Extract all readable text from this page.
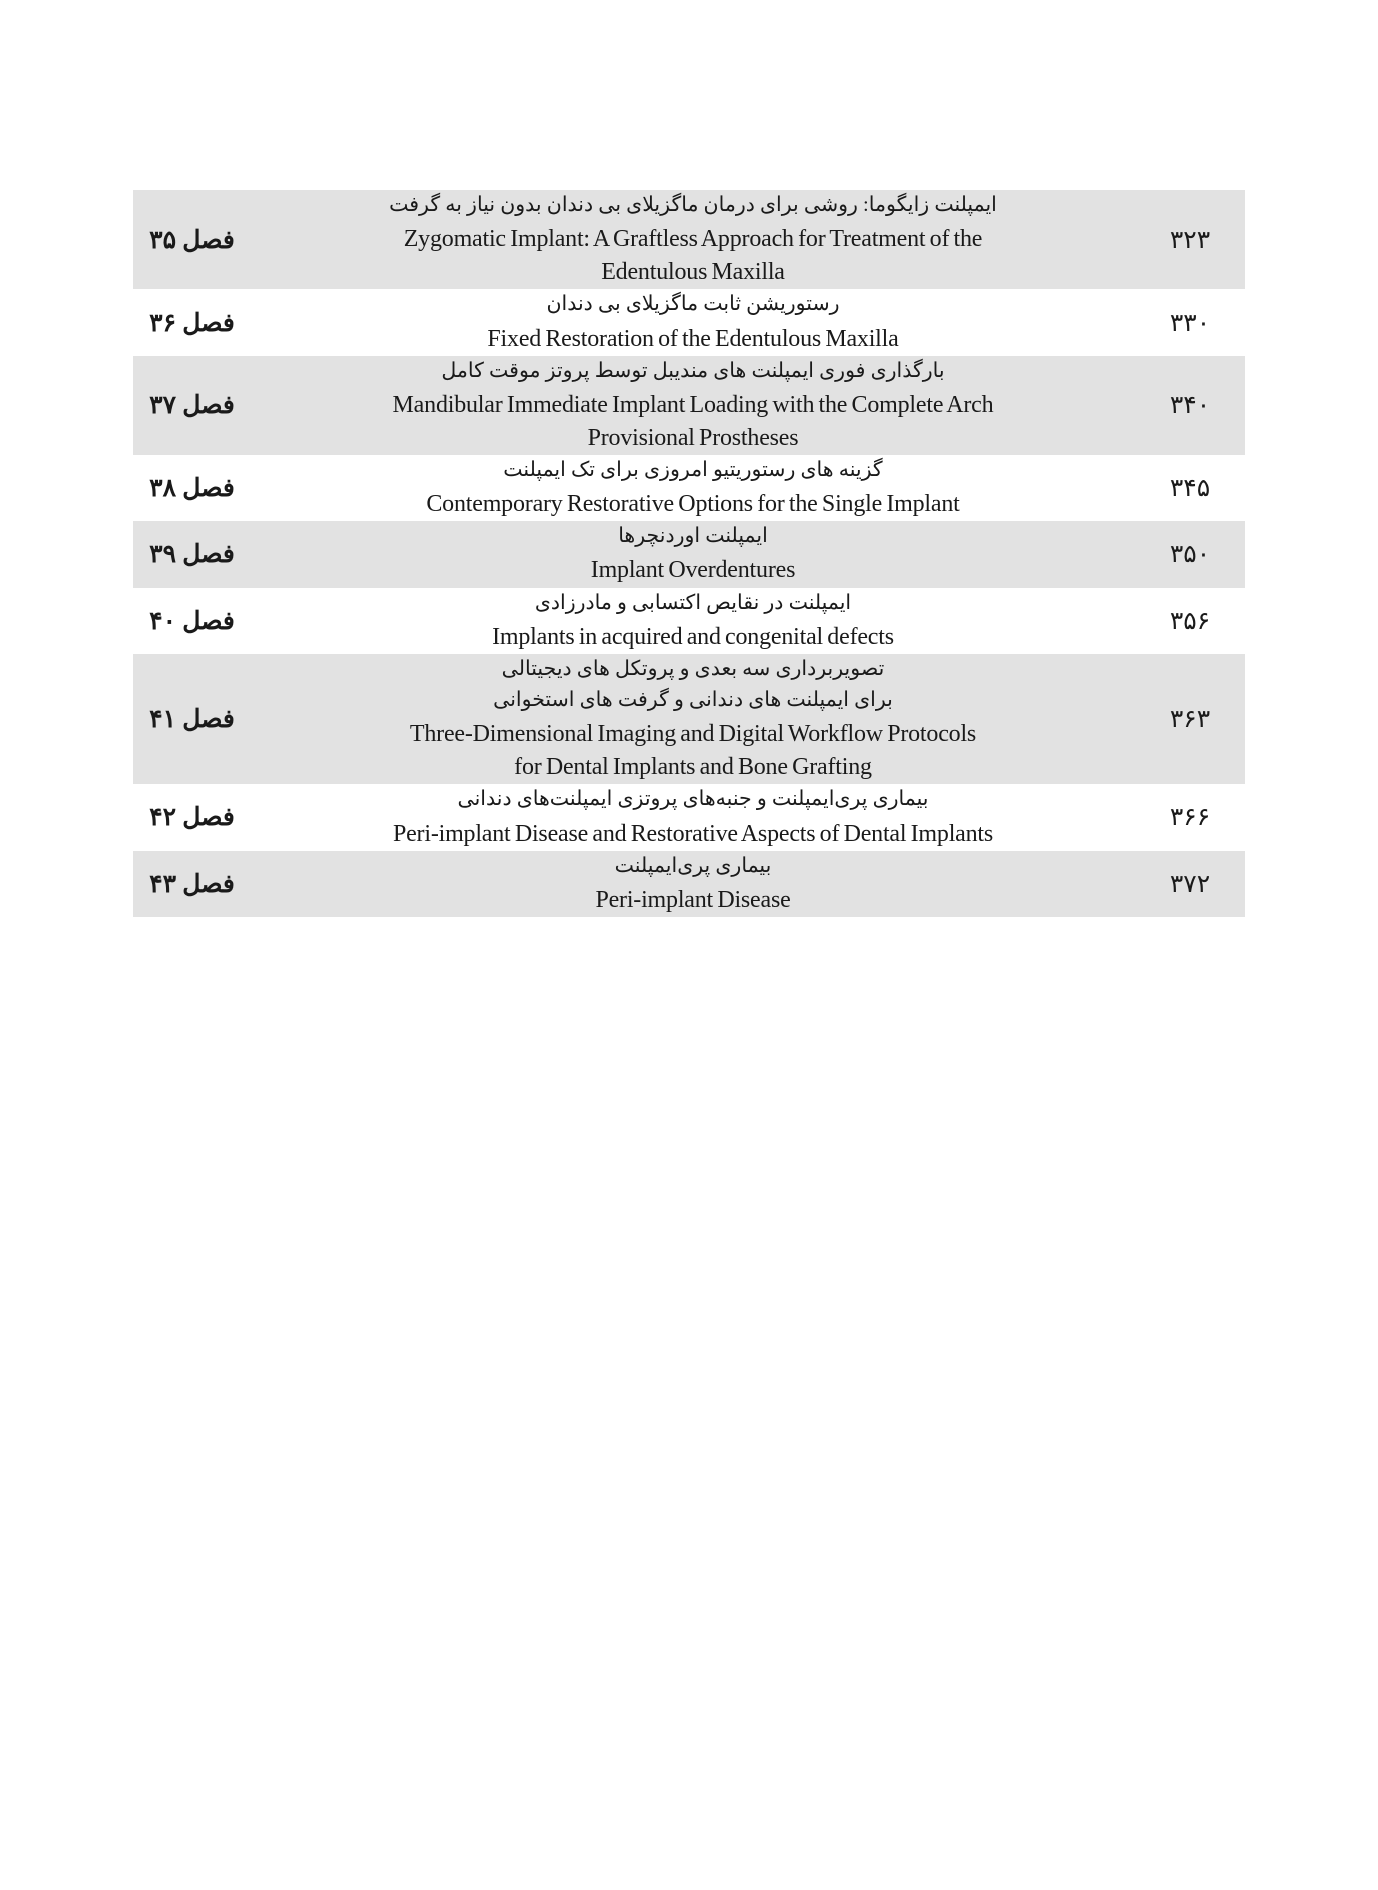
۳۲۳	ایمپلنت زایگوما: روشی برای درمان ماگزیلای بی دندان بدون نیاز به گرفت
Zygomatic Implant: A Graftless Approach for Treatment of the
Edentulous Maxilla	فصل ۳۵
۳۳۰	رستوریشن ثابت ماگزیلای بی دندان
Fixed Restoration of the Edentulous Maxilla	فصل ۳۶
۳۴۰	بارگذاری فوری ایمپلنت های مندیبل توسط پروتز موقت کامل
Mandibular Immediate Implant Loading with the Complete Arch
Provisional Prostheses	فصل ۳۷
۳۴۵	گزینه های رستوریتیو امروزی برای تک ایمپلنت
Contemporary Restorative Options for the Single Implant	فصل ۳۸
۳۵۰	ایمپلنت اوردنچرها
Implant Overdentures	فصل ۳۹
۳۵۶	ایمپلنت در نقایص اکتسابی و مادرزادی
Implants in acquired and congenital defects	فصل ۴۰
۳۶۳	تصویربرداری سه بعدی و پروتکل های دیجیتالی
برای ایمپلنت های دندانی و گرفت های استخوانی
Three-Dimensional Imaging and Digital Workflow Protocols
for Dental Implants and Bone Grafting	فصل ۴۱
۳۶۶	بیماری پری‌ایمپلنت و جنبه‌های پروتزی ایمپلنت‌های دندانی
Peri-implant Disease and Restorative Aspects of Dental Implants	فصل ۴۲
۳۷۲	بیماری پری‌ایمپلنت
Peri-implant Disease	فصل ۴۳
